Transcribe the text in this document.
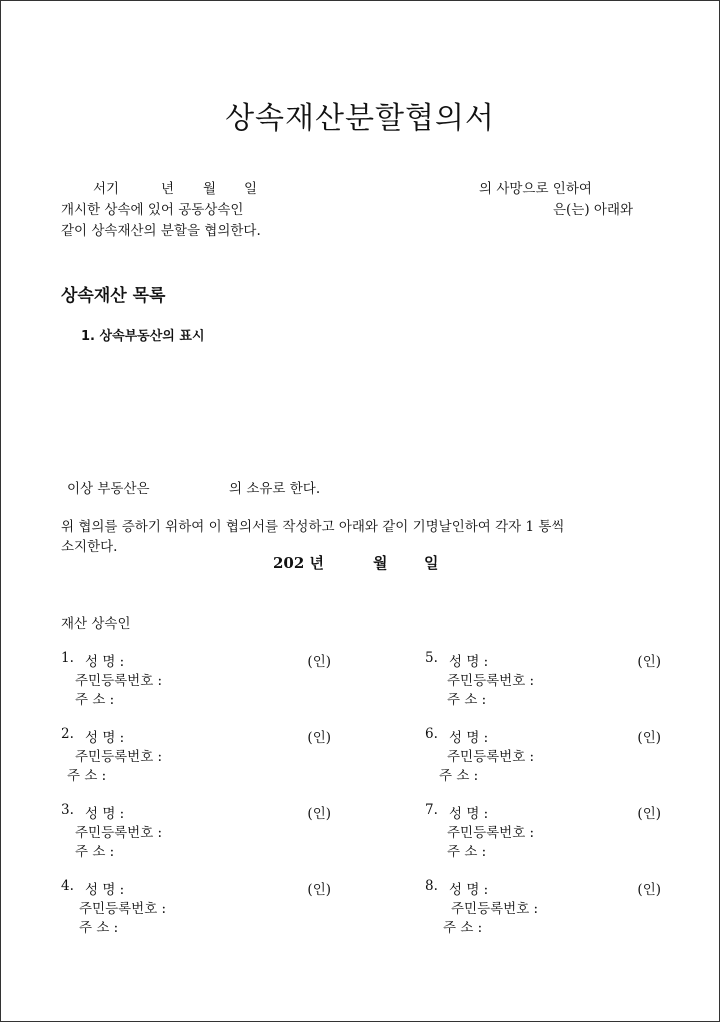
상속재산분할협의서
서기	년 월 일	의 사망으로 인하여
개시한 상속에 있어 공동상속인	은(는) 아래와
같이 상속재산의 분할을 협의한다.
상속재산 목록
1. 상속부동산의 표시
이상 부동산은	의 소유로 한다.
위 협의를 증하기 위하여 이 협의서를 작성하고 아래와 같이 기명날인하여 각자 1 통씩
소지한다.
202 년	월 일
재산 상속인
1. 성 명 :	(인)
주민등록번호 :
주 소 :
2. 성 명 :	(인)
주민등록번호 :
주 소 :
3. 성 명 :	(인)
주민등록번호 :
주 소 :
4. 성 명 :	(인)
주민등록번호 :
주 소 :
5. 성 명 :	(인)
주민등록번호 :
주 소 :
6. 성 명 :	(인)
주민등록번호 :
주 소 :
7. 성 명 :	(인)
주민등록번호 :
주 소 :
8. 성 명 :	(인)
주민등록번호 :
주 소 :
